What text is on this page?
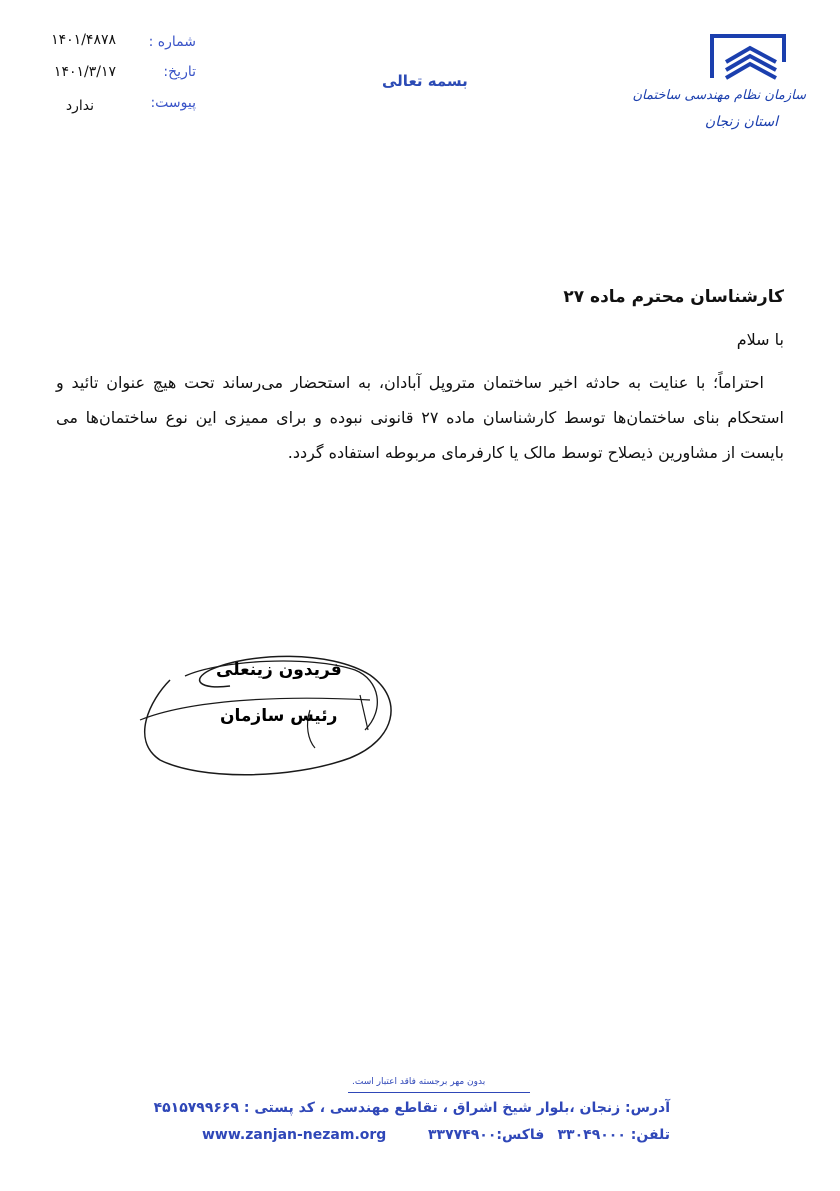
شماره :
۱۴۰۱/۴۸۷۸
تاریخ:
۱۴۰۱/۳/۱۷
پیوست:
ندارد
بسمه تعالی
سازمان نظام مهندسی ساختمان
استان زنجان
کارشناسان محترم ماده ۲۷
با سلام
احتراماً؛ با عنایت به حادثه اخیر ساختمان متروپل آبادان، به استحضار می‌رساند تحت هیچ عنوان تائید و استحکام بنای ساختمان‌ها توسط کارشناسان ماده ۲۷ قانونی نبوده و برای ممیزی این نوع ساختمان‌ها می بایست از مشاورین ذیصلاح توسط مالک یا کارفرمای مربوطه استفاده گردد.
فریدون زینعلی
رئیس سازمان
بدون مهر برجسته فاقد اعتبار است.
آدرس: زنجان ،بلوار شیخ اشراق ، تقاطع مهندسی ، کد پستی : ۴۵۱۵۷۹۹۶۶۹
www.zanjan-nezam.org	فاکس:۳۳۷۷۴۹۰۰ تلفن: ۳۳۰۴۹۰۰۰
